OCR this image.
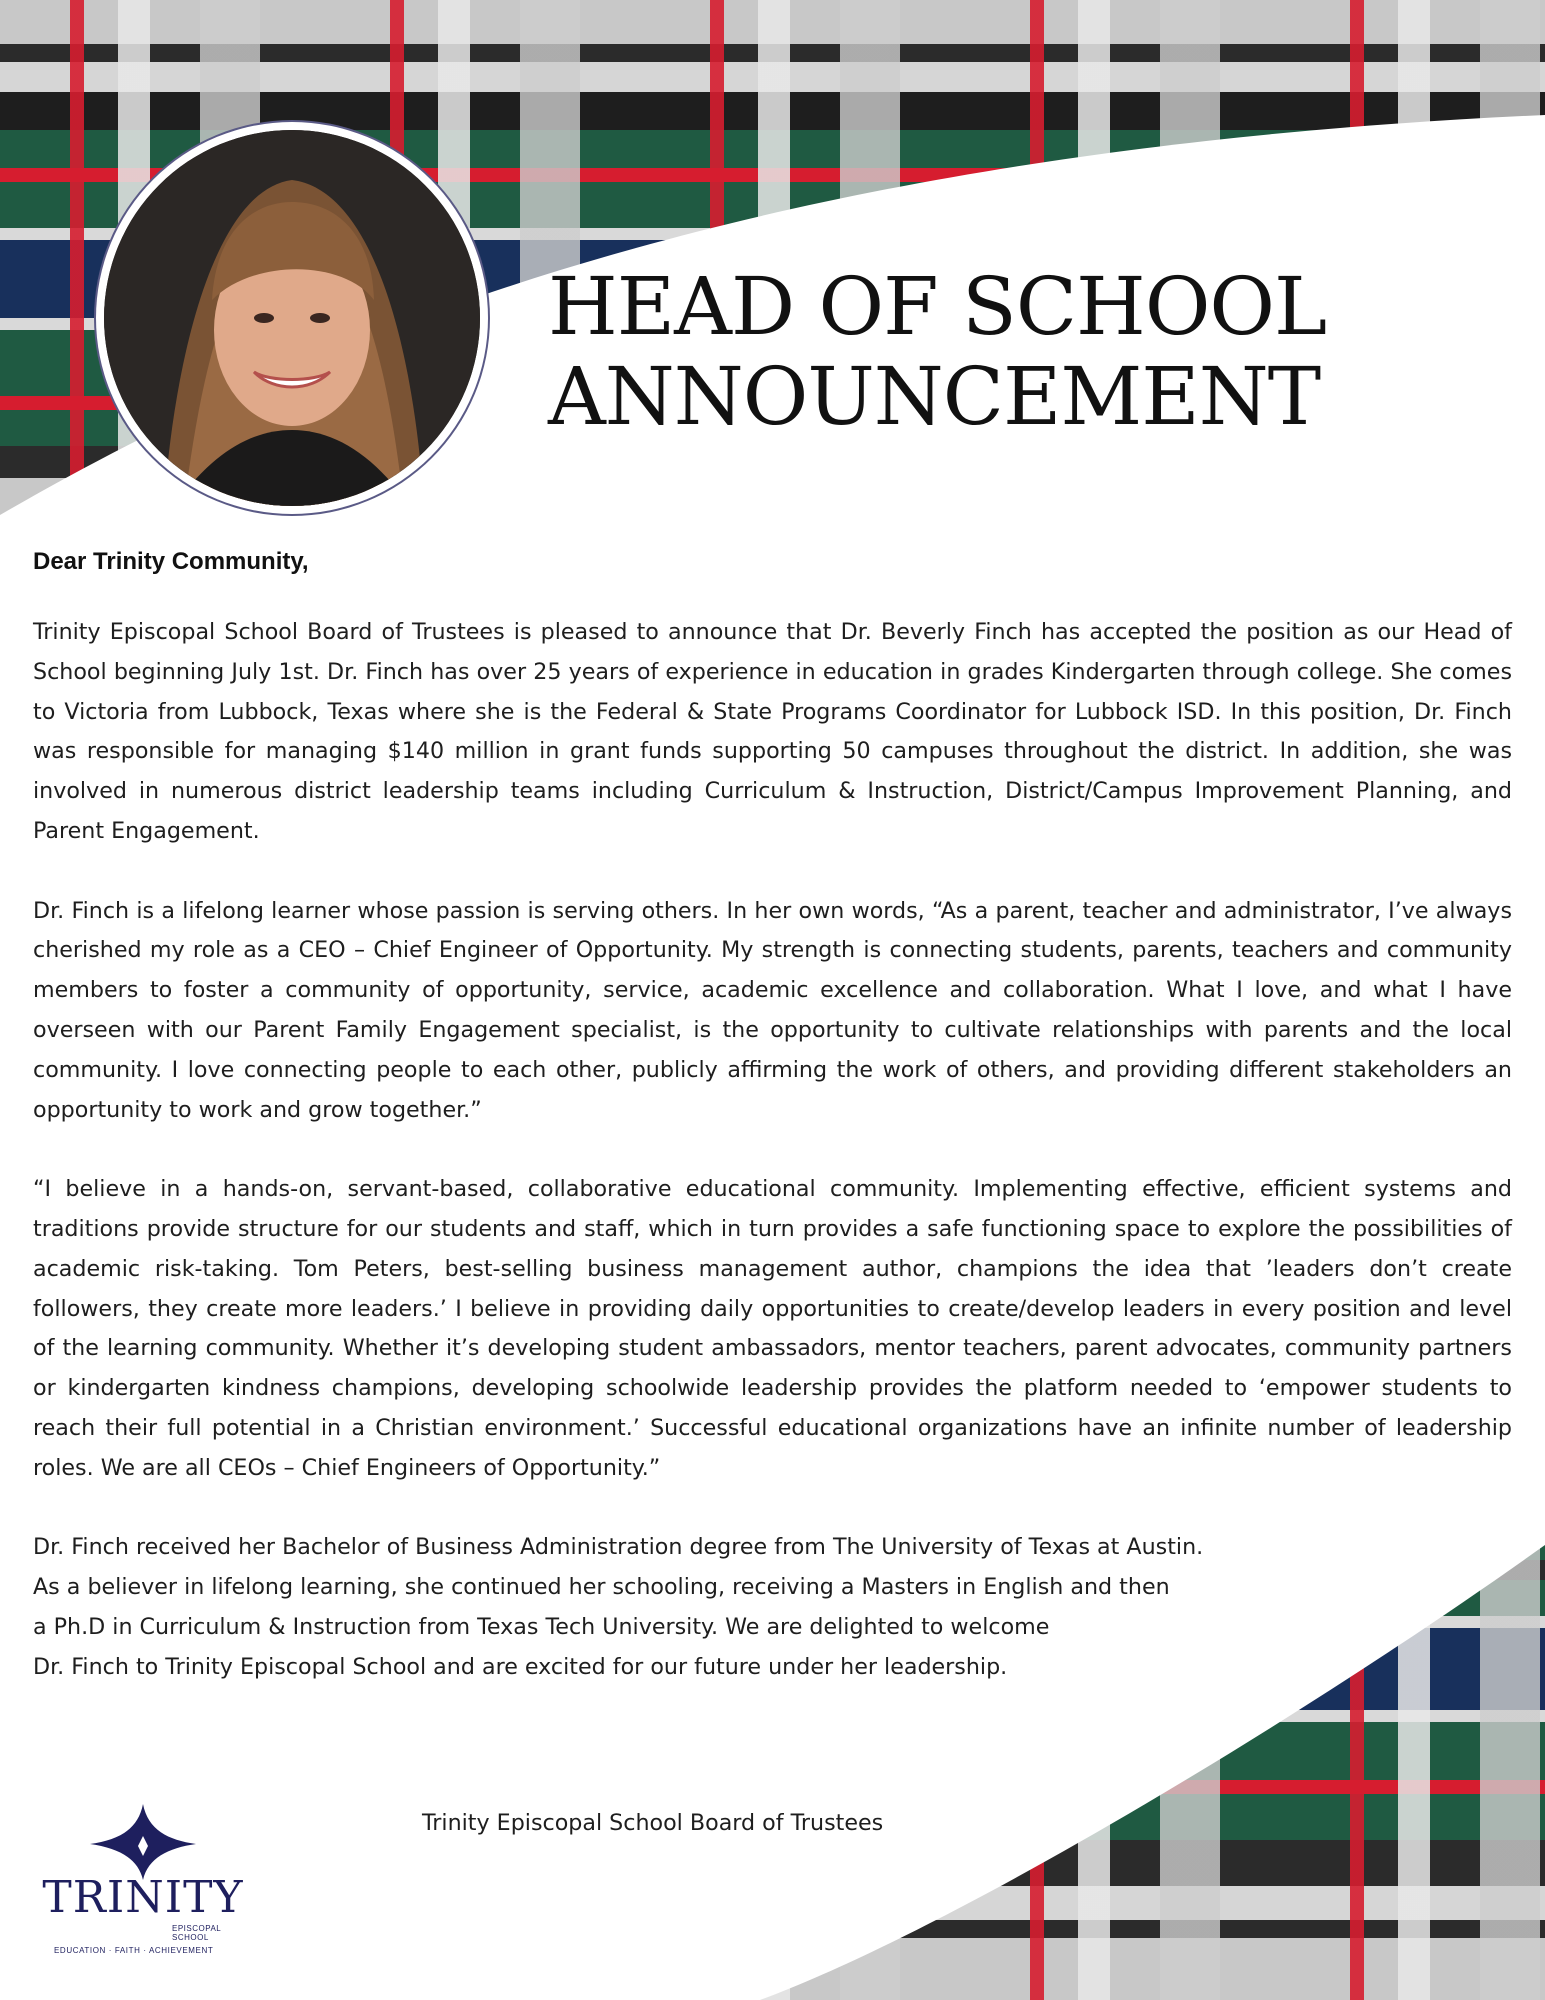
HEAD OF SCHOOL
ANNOUNCEMENT

Dear Trinity Community,

Trinity Episcopal School Board of Trustees is pleased to announce that Dr. Beverly Finch has accepted the position as our Head of School beginning July 1st. Dr. Finch has over 25 years of experience in education in grades Kindergarten through college. She comes to Victoria from Lubbock, Texas where she is the Federal & State Programs Coordinator for Lubbock ISD. In this position, Dr. Finch was responsible for managing $140 million in grant funds supporting 50 campuses throughout the district. In addition, she was involved in numerous district leadership teams including Curriculum & Instruction, District/Campus Improvement Planning, and Parent Engagement.

Dr. Finch is a lifelong learner whose passion is serving others. In her own words, “As a parent, teacher and administrator, I’ve always cherished my role as a CEO – Chief Engineer of Opportunity. My strength is connecting students, parents, teachers and community members to foster a community of opportunity, service, academic excellence and collaboration. What I love, and what I have overseen with our Parent Family Engagement specialist, is the opportunity to cultivate relationships with parents and the local community. I love connecting people to each other, publicly affirming the work of others, and providing different stakeholders an opportunity to work and grow together.”

“I believe in a hands-on, servant-based, collaborative educational community. Implementing effective, efficient systems and traditions provide structure for our students and staff, which in turn provides a safe functioning space to explore the possibilities of academic risk-taking. Tom Peters, best-selling business management author, champions the idea that ’leaders don’t create followers, they create more leaders.’ I believe in providing daily opportunities to create/develop leaders in every position and level of the learning community. Whether it’s developing student ambassadors, mentor teachers, parent advocates, community partners or kindergarten kindness champions, developing schoolwide leadership provides the platform needed to ‘empower students to reach their full potential in a Christian environment.’ Successful educational organizations have an infinite number of leadership roles. We are all CEOs – Chief Engineers of Opportunity.”

Dr. Finch received her Bachelor of Business Administration degree from The University of Texas at Austin.
As a believer in lifelong learning, she continued her schooling, receiving a Masters in English and then
a Ph.D in Curriculum & Instruction from Texas Tech University. We are delighted to welcome
Dr. Finch to Trinity Episcopal School and are excited for our future under her leadership.

Trinity Episcopal School Board of Trustees

TRINITY
EPISCOPAL SCHOOL
EDUCATION · FAITH · ACHIEVEMENT
